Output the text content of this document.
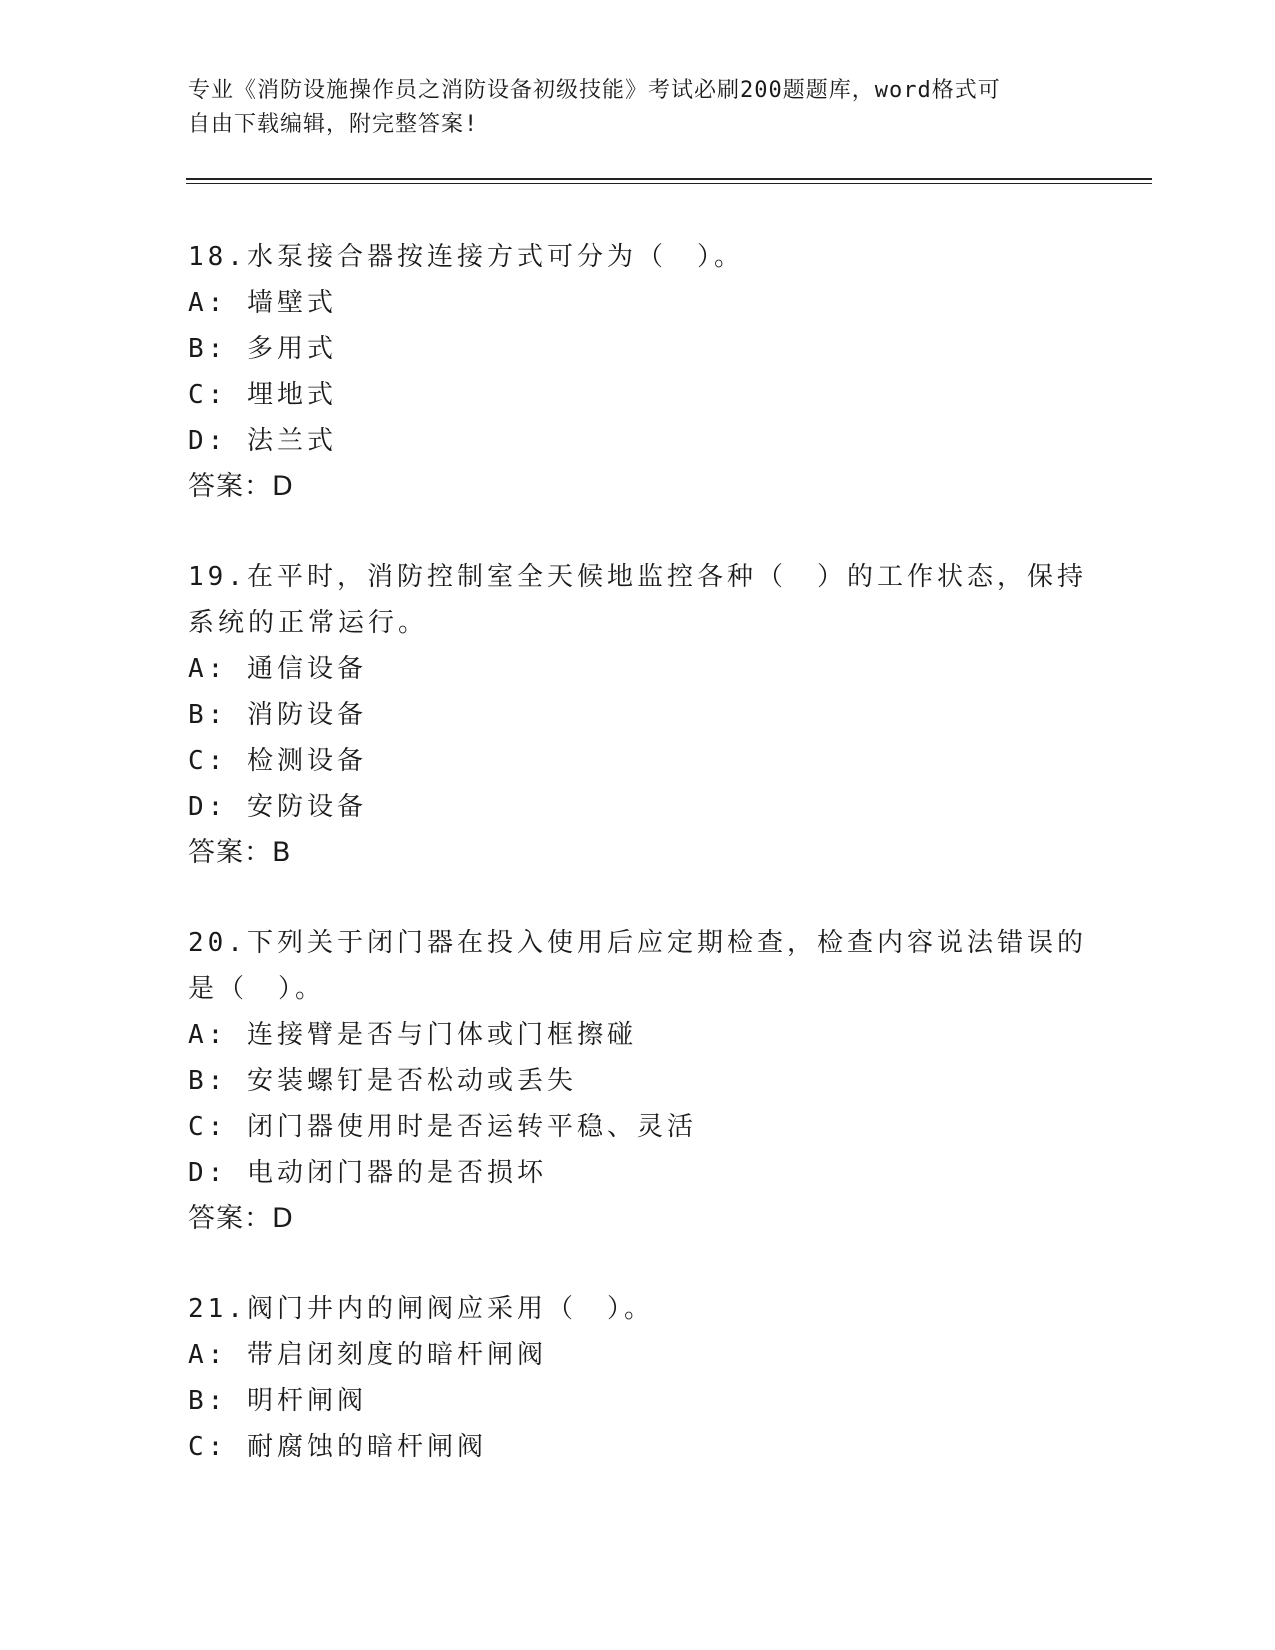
专业《消防设施操作员之消防设备初级技能》考试必刷200题题库，word格式可
自由下载编辑，附完整答案!
18.水泵接合器按连接方式可分为（　）。
A: 墙壁式
B: 多用式
C: 埋地式
D: 法兰式
答案：D
19.在平时，消防控制室全天候地监控各种（　）的工作状态，保持系统的正常运行。
A: 通信设备
B: 消防设备
C: 检测设备
D: 安防设备
答案：B
20.下列关于闭门器在投入使用后应定期检查，检查内容说法错误的是（　）。
A: 连接臂是否与门体或门框擦碰
B: 安装螺钉是否松动或丢失
C: 闭门器使用时是否运转平稳、灵活
D: 电动闭门器的是否损坏
答案：D
21.阀门井内的闸阀应采用（　）。
A: 带启闭刻度的暗杆闸阀
B: 明杆闸阀
C: 耐腐蚀的暗杆闸阀
